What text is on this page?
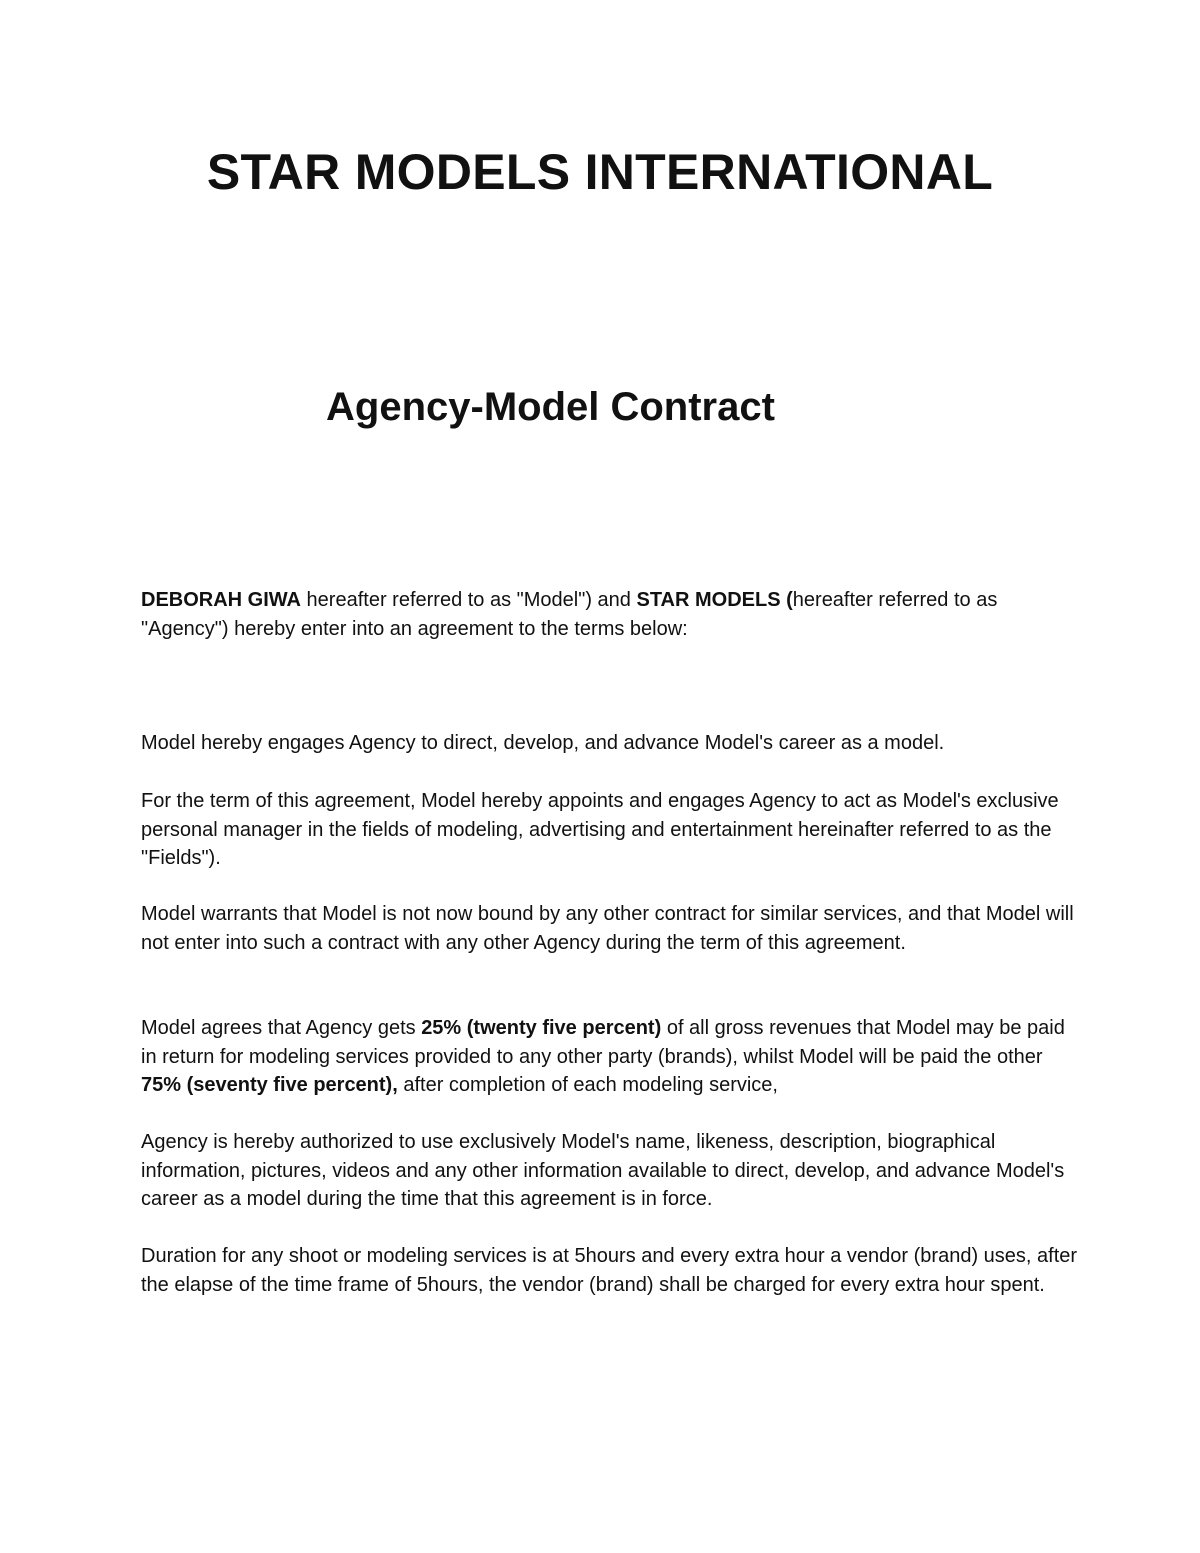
STAR MODELS INTERNATIONAL
Agency-Model Contract

DEBORAH GIWA hereafter referred to as "Model") and STAR MODELS (hereafter referred to as "Agency") hereby enter into an agreement to the terms below:

Model hereby engages Agency to direct, develop, and advance Model's career as a model.

For the term of this agreement, Model hereby appoints and engages Agency to act as Model's exclusive personal manager in the fields of modeling, advertising and entertainment hereinafter referred to as the "Fields").

Model warrants that Model is not now bound by any other contract for similar services, and that Model will not enter into such a contract with any other Agency during the term of this agreement.

Model agrees that Agency gets 25% (twenty five percent) of all gross revenues that Model may be paid in return for modeling services provided to any other party (brands), whilst Model will be paid the other 75% (seventy five percent), after completion of each modeling service,

Agency is hereby authorized to use exclusively Model's name, likeness, description, biographical information, pictures, videos and any other information available to direct, develop, and advance Model's career as a model during the time that this agreement is in force.

Duration for any shoot or modeling services is at 5hours and every extra hour a vendor (brand) uses, after the elapse of the time frame of 5hours, the vendor (brand) shall be charged for every extra hour spent.
